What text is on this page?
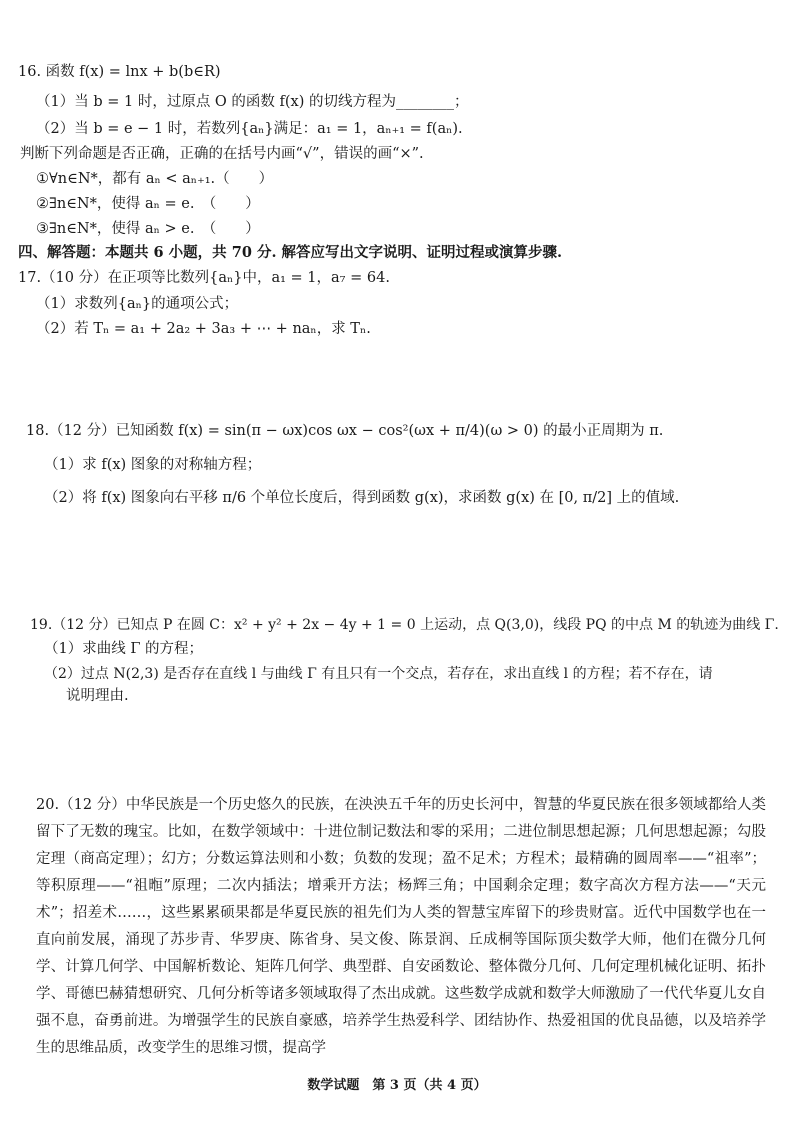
16. 函数 f(x) = lnx + b(b∈R)
（1）当 b = 1 时，过原点 O 的函数 f(x) 的切线方程为________；
（2）当 b = e − 1 时，若数列{aₙ}满足：a₁ = 1，aₙ₊₁ = f(aₙ).
判断下列命题是否正确，正确的在括号内画“√”，错误的画“×”.
①∀n∈N*，都有 aₙ < aₙ₊₁.（　　）
②∃n∈N*，使得 aₙ = e.　（　　）
③∃n∈N*，使得 aₙ > e.　（　　）
四、解答题：本题共 6 小题，共 70 分. 解答应写出文字说明、证明过程或演算步骤.
17.（10 分）在正项等比数列{aₙ}中，a₁ = 1，a₇ = 64.
（1）求数列{aₙ}的通项公式；
（2）若 Tₙ = a₁ + 2a₂ + 3a₃ + ⋯ + naₙ，求 Tₙ.
18.（12 分）已知函数 f(x) = sin(π − ωx)cos ωx − cos²(ωx + π/4)(ω > 0) 的最小正周期为 π.
（1）求 f(x) 图象的对称轴方程；
（2）将 f(x) 图象向右平移 π/6 个单位长度后，得到函数 g(x)，求函数 g(x) 在 [0, π/2] 上的值域.
19.（12 分）已知点 P 在圆 C：x² + y² + 2x − 4y + 1 = 0 上运动，点 Q(3,0)，线段 PQ 的中点 M 的轨迹为曲线 Γ.
（1）求曲线 Γ 的方程；
（2）过点 N(2,3) 是否存在直线 l 与曲线 Γ 有且只有一个交点，若存在，求出直线 l 的方程；若不存在，请
说明理由.
20.（12 分）中华民族是一个历史悠久的民族，在泱泱五千年的历史长河中，智慧的华夏民族在很多领域都给人类留下了无数的瑰宝。比如，在数学领域中：十进位制记数法和零的采用；二进位制思想起源；几何思想起源；勾股定理（商高定理）；幻方；分数运算法则和小数；负数的发现；盈不足术；方程术；最精确的圆周率——“祖率”；等积原理——“祖暅”原理；二次内插法；增乘开方法；杨辉三角；中国剩余定理；数字高次方程方法——“天元术”；招差术……，这些累累硕果都是华夏民族的祖先们为人类的智慧宝库留下的珍贵财富。近代中国数学也在一直向前发展，涌现了苏步青、华罗庚、陈省身、吴文俊、陈景润、丘成桐等国际顶尖数学大师，他们在微分几何学、计算几何学、中国解析数论、矩阵几何学、典型群、自安函数论、整体微分几何、几何定理机械化证明、拓扑学、哥德巴赫猜想研究、几何分析等诸多领域取得了杰出成就。这些数学成就和数学大师激励了一代代华夏儿女自强不息，奋勇前进。为增强学生的民族自豪感，培养学生热爱科学、团结协作、热爱祖国的优良品德，以及培养学生的思维品质，改变学生的思维习惯，提高学
数学试题　第 3 页（共 4 页）
